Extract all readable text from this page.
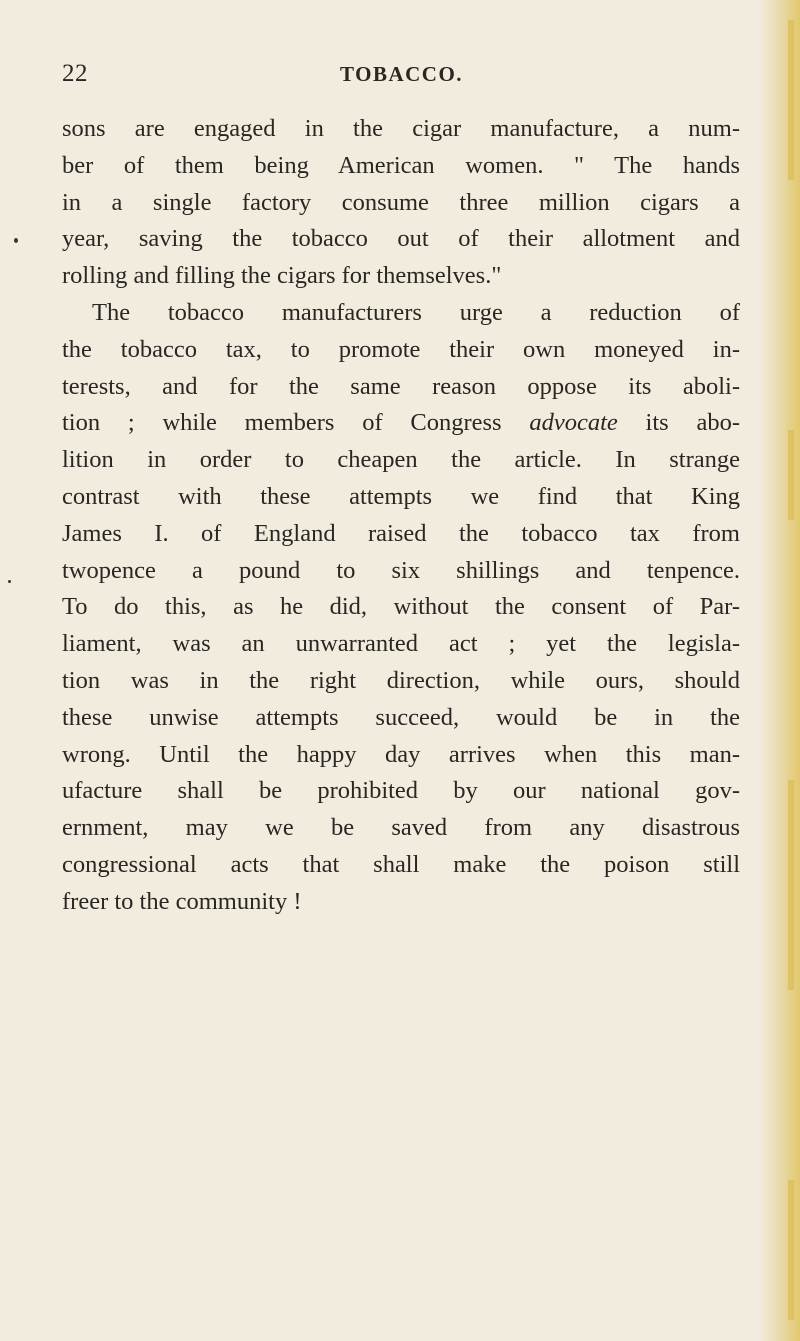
22	TOBACCO.
sons are engaged in the cigar manufacture, a num-
ber of them being American women. " The hands
in a single factory consume three million cigars a
year, saving the tobacco out of their allotment and
rolling and filling the cigars for themselves."
The tobacco manufacturers urge a reduction of
the tobacco tax, to promote their own moneyed in-
terests, and for the same reason oppose its aboli-
tion ; while members of Congress advocate its abo-
lition in order to cheapen the article. In strange
contrast with these attempts we find that King
James I. of England raised the tobacco tax from
twopence a pound to six shillings and tenpence.
To do this, as he did, without the consent of Par-
liament, was an unwarranted act ; yet the legisla-
tion was in the right direction, while ours, should
these unwise attempts succeed, would be in the
wrong. Until the happy day arrives when this man-
ufacture shall be prohibited by our national gov-
ernment, may we be saved from any disastrous
congressional acts that shall make the poison still
freer to the community !
